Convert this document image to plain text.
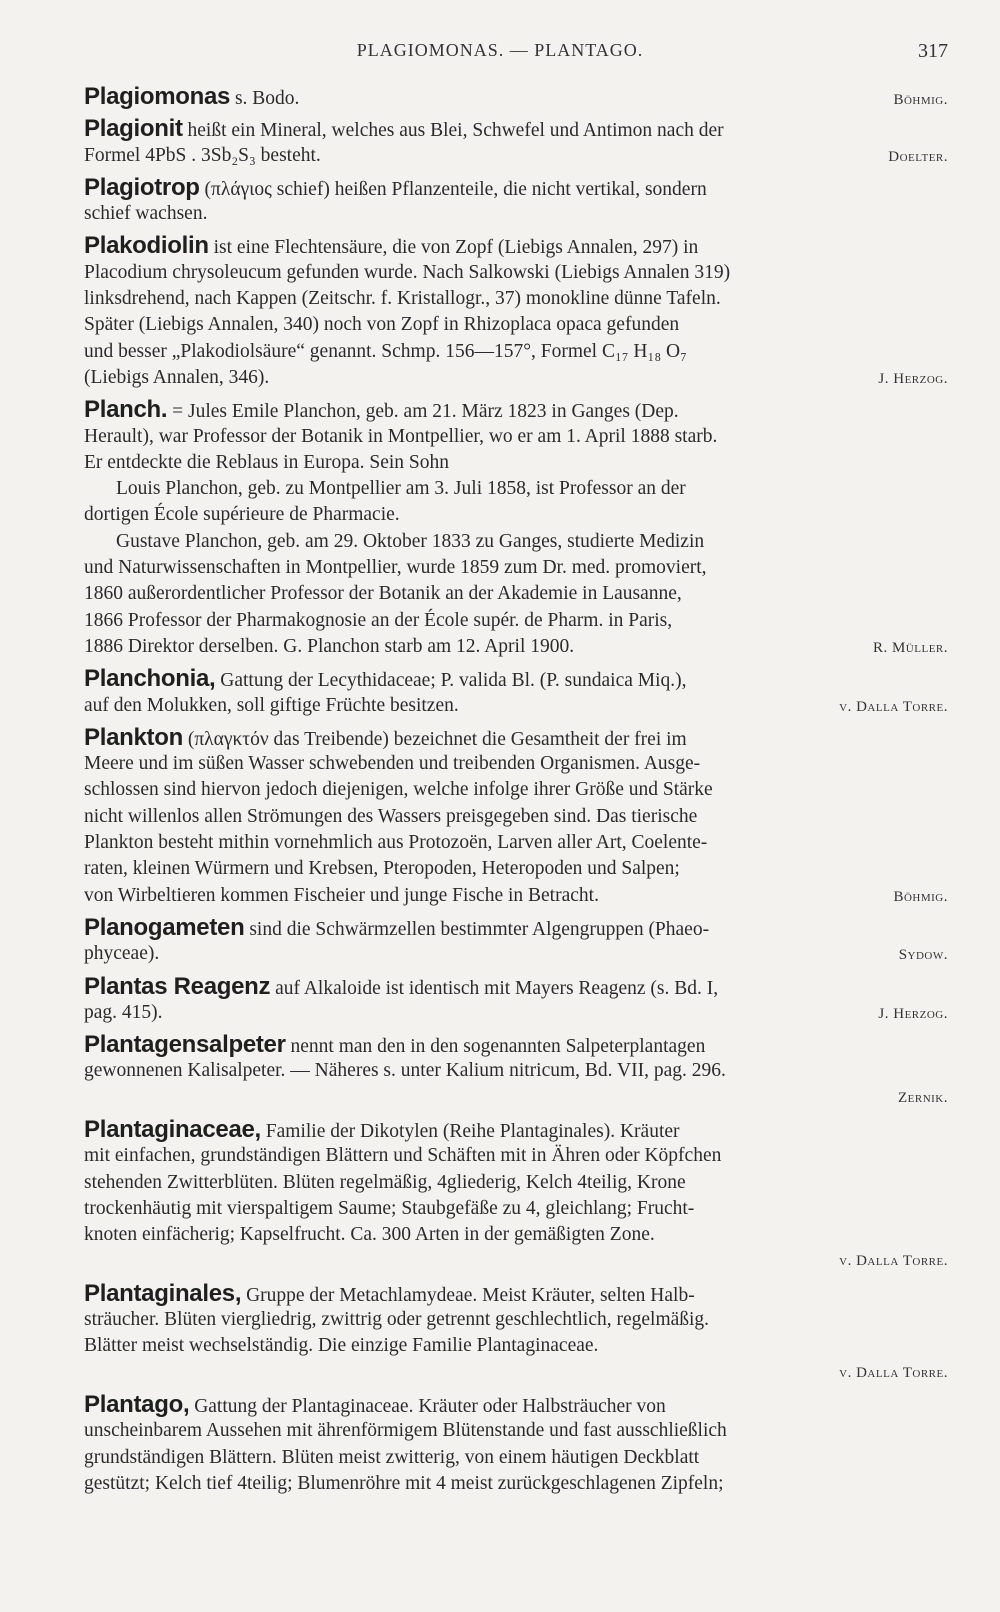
PLAGIOMONAS. — PLANTAGO.	317
Plagiomonas s. Bodo.	Böhmig.
Plagionit heißt ein Mineral, welches aus Blei, Schwefel und Antimon nach der
Formel 4PbS . 3Sb₂S₃ besteht.	Doelter.
Plagiotrop (πλάγιος schief) heißen Pflanzenteile, die nicht vertikal, sondern
schief wachsen.
Plakodiolin ist eine Flechtensäure, die von Zopf (Liebigs Annalen, 297) in
Placodium chrysoleucum gefunden wurde. Nach Salkowski (Liebigs Annalen 319)
linksdrehend, nach Kappen (Zeitschr. f. Kristallogr., 37) monokline dünne Tafeln.
Später (Liebigs Annalen, 340) noch von Zopf in Rhizoplaca opaca gefunden
und besser „Plakodiolsäure“ genannt. Schmp. 156—157°, Formel C₁₇ H₁₈ O₇
(Liebigs Annalen, 346).	J. Herzog.
Planch. = Jules Emile Planchon, geb. am 21. März 1823 in Ganges (Dep.
Herault), war Professor der Botanik in Montpellier, wo er am 1. April 1888 starb.
Er entdeckte die Reblaus in Europa. Sein Sohn
Louis Planchon, geb. zu Montpellier am 3. Juli 1858, ist Professor an der
dortigen École supérieure de Pharmacie.
Gustave Planchon, geb. am 29. Oktober 1833 zu Ganges, studierte Medizin
und Naturwissenschaften in Montpellier, wurde 1859 zum Dr. med. promoviert,
1860 außerordentlicher Professor der Botanik an der Akademie in Lausanne,
1866 Professor der Pharmakognosie an der École supér. de Pharm. in Paris,
1886 Direktor derselben. G. Planchon starb am 12. April 1900.	R. Müller.
Planchonia, Gattung der Lecythidaceae; P. valida Bl. (P. sundaica Miq.),
auf den Molukken, soll giftige Früchte besitzen.	v. Dalla Torre.
Plankton (πλαγκτόν das Treibende) bezeichnet die Gesamtheit der frei im
Meere und im süßen Wasser schwebenden und treibenden Organismen. Ausge-
schlossen sind hiervon jedoch diejenigen, welche infolge ihrer Größe und Stärke
nicht willenlos allen Strömungen des Wassers preisgegeben sind. Das tierische
Plankton besteht mithin vornehmlich aus Protozoën, Larven aller Art, Coelente-
raten, kleinen Würmern und Krebsen, Pteropoden, Heteropoden und Salpen;
von Wirbeltieren kommen Fischeier und junge Fische in Betracht.	Böhmig.
Planogameten sind die Schwärmzellen bestimmter Algengruppen (Phaeo-
phyceae).	Sydow.
Plantas Reagenz auf Alkaloide ist identisch mit Mayers Reagenz (s. Bd. I,
pag. 415).	J. Herzog.
Plantagensalpeter nennt man den in den sogenannten Salpeterplantagen
gewonnenen Kalisalpeter. — Näheres s. unter Kalium nitricum, Bd. VII, pag. 296.
Zernik.
Plantaginaceae, Familie der Dikotylen (Reihe Plantaginales). Kräuter
mit einfachen, grundständigen Blättern und Schäften mit in Ähren oder Köpfchen
stehenden Zwitterblüten. Blüten regelmäßig, 4gliederig, Kelch 4teilig, Krone
trockenhäutig mit vierspaltigem Saume; Staubgefäße zu 4, gleichlang; Frucht-
knoten einfächerig; Kapselfrucht. Ca. 300 Arten in der gemäßigten Zone.
v. Dalla Torre.
Plantaginales, Gruppe der Metachlamydeae. Meist Kräuter, selten Halb-
sträucher. Blüten viergliedrig, zwittrig oder getrennt geschlechtlich, regelmäßig.
Blätter meist wechselständig. Die einzige Familie Plantaginaceae.
v. Dalla Torre.
Plantago, Gattung der Plantaginaceae. Kräuter oder Halbsträucher von
unscheinbarem Aussehen mit ährenförmigem Blütenstande und fast ausschließlich
grundständigen Blättern. Blüten meist zwitterig, von einem häutigen Deckblatt
gestützt; Kelch tief 4teilig; Blumenröhre mit 4 meist zurückgeschlagenen Zipfeln;
